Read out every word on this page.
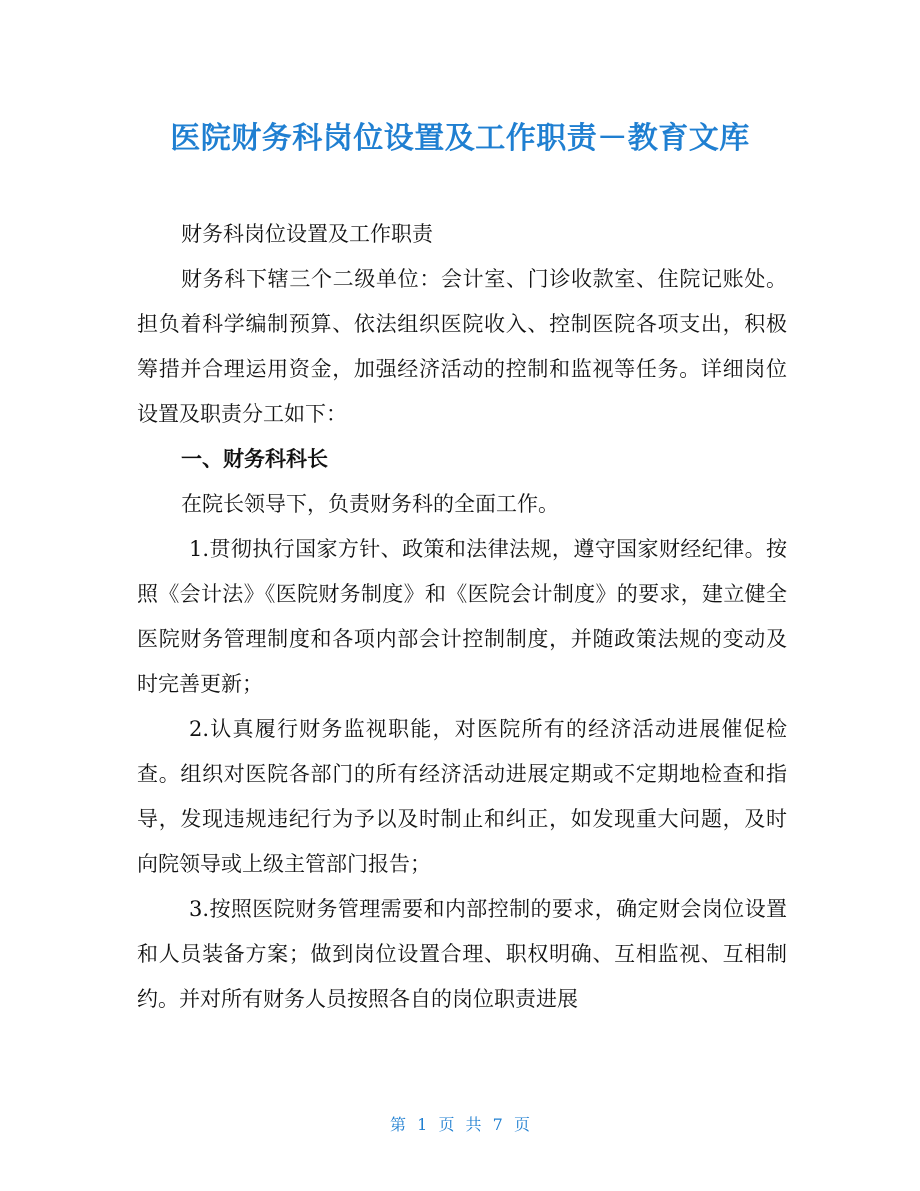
医院财务科岗位设置及工作职责－教育文库

财务科岗位设置及工作职责

财务科下辖三个二级单位：会计室、门诊收款室、住院记账处。担负着科学编制预算、依法组织医院收入、控制医院各项支出，积极筹措并合理运用资金，加强经济活动的控制和监视等任务。详细岗位设置及职责分工如下：

一、财务科科长

在院长领导下，负责财务科的全面工作。

1.贯彻执行国家方针、政策和法律法规，遵守国家财经纪律。按照《会计法》《医院财务制度》和《医院会计制度》的要求，建立健全医院财务管理制度和各项内部会计控制制度，并随政策法规的变动及时完善更新；

2.认真履行财务监视职能，对医院所有的经济活动进展催促检查。组织对医院各部门的所有经济活动进展定期或不定期地检查和指导，发现违规违纪行为予以及时制止和纠正，如发现重大问题，及时向院领导或上级主管部门报告；

3.按照医院财务管理需要和内部控制的要求，确定财会岗位设置和人员装备方案；做到岗位设置合理、职权明确、互相监视、互相制约。并对所有财务人员按照各自的岗位职责进展

第 1 页 共 7 页
